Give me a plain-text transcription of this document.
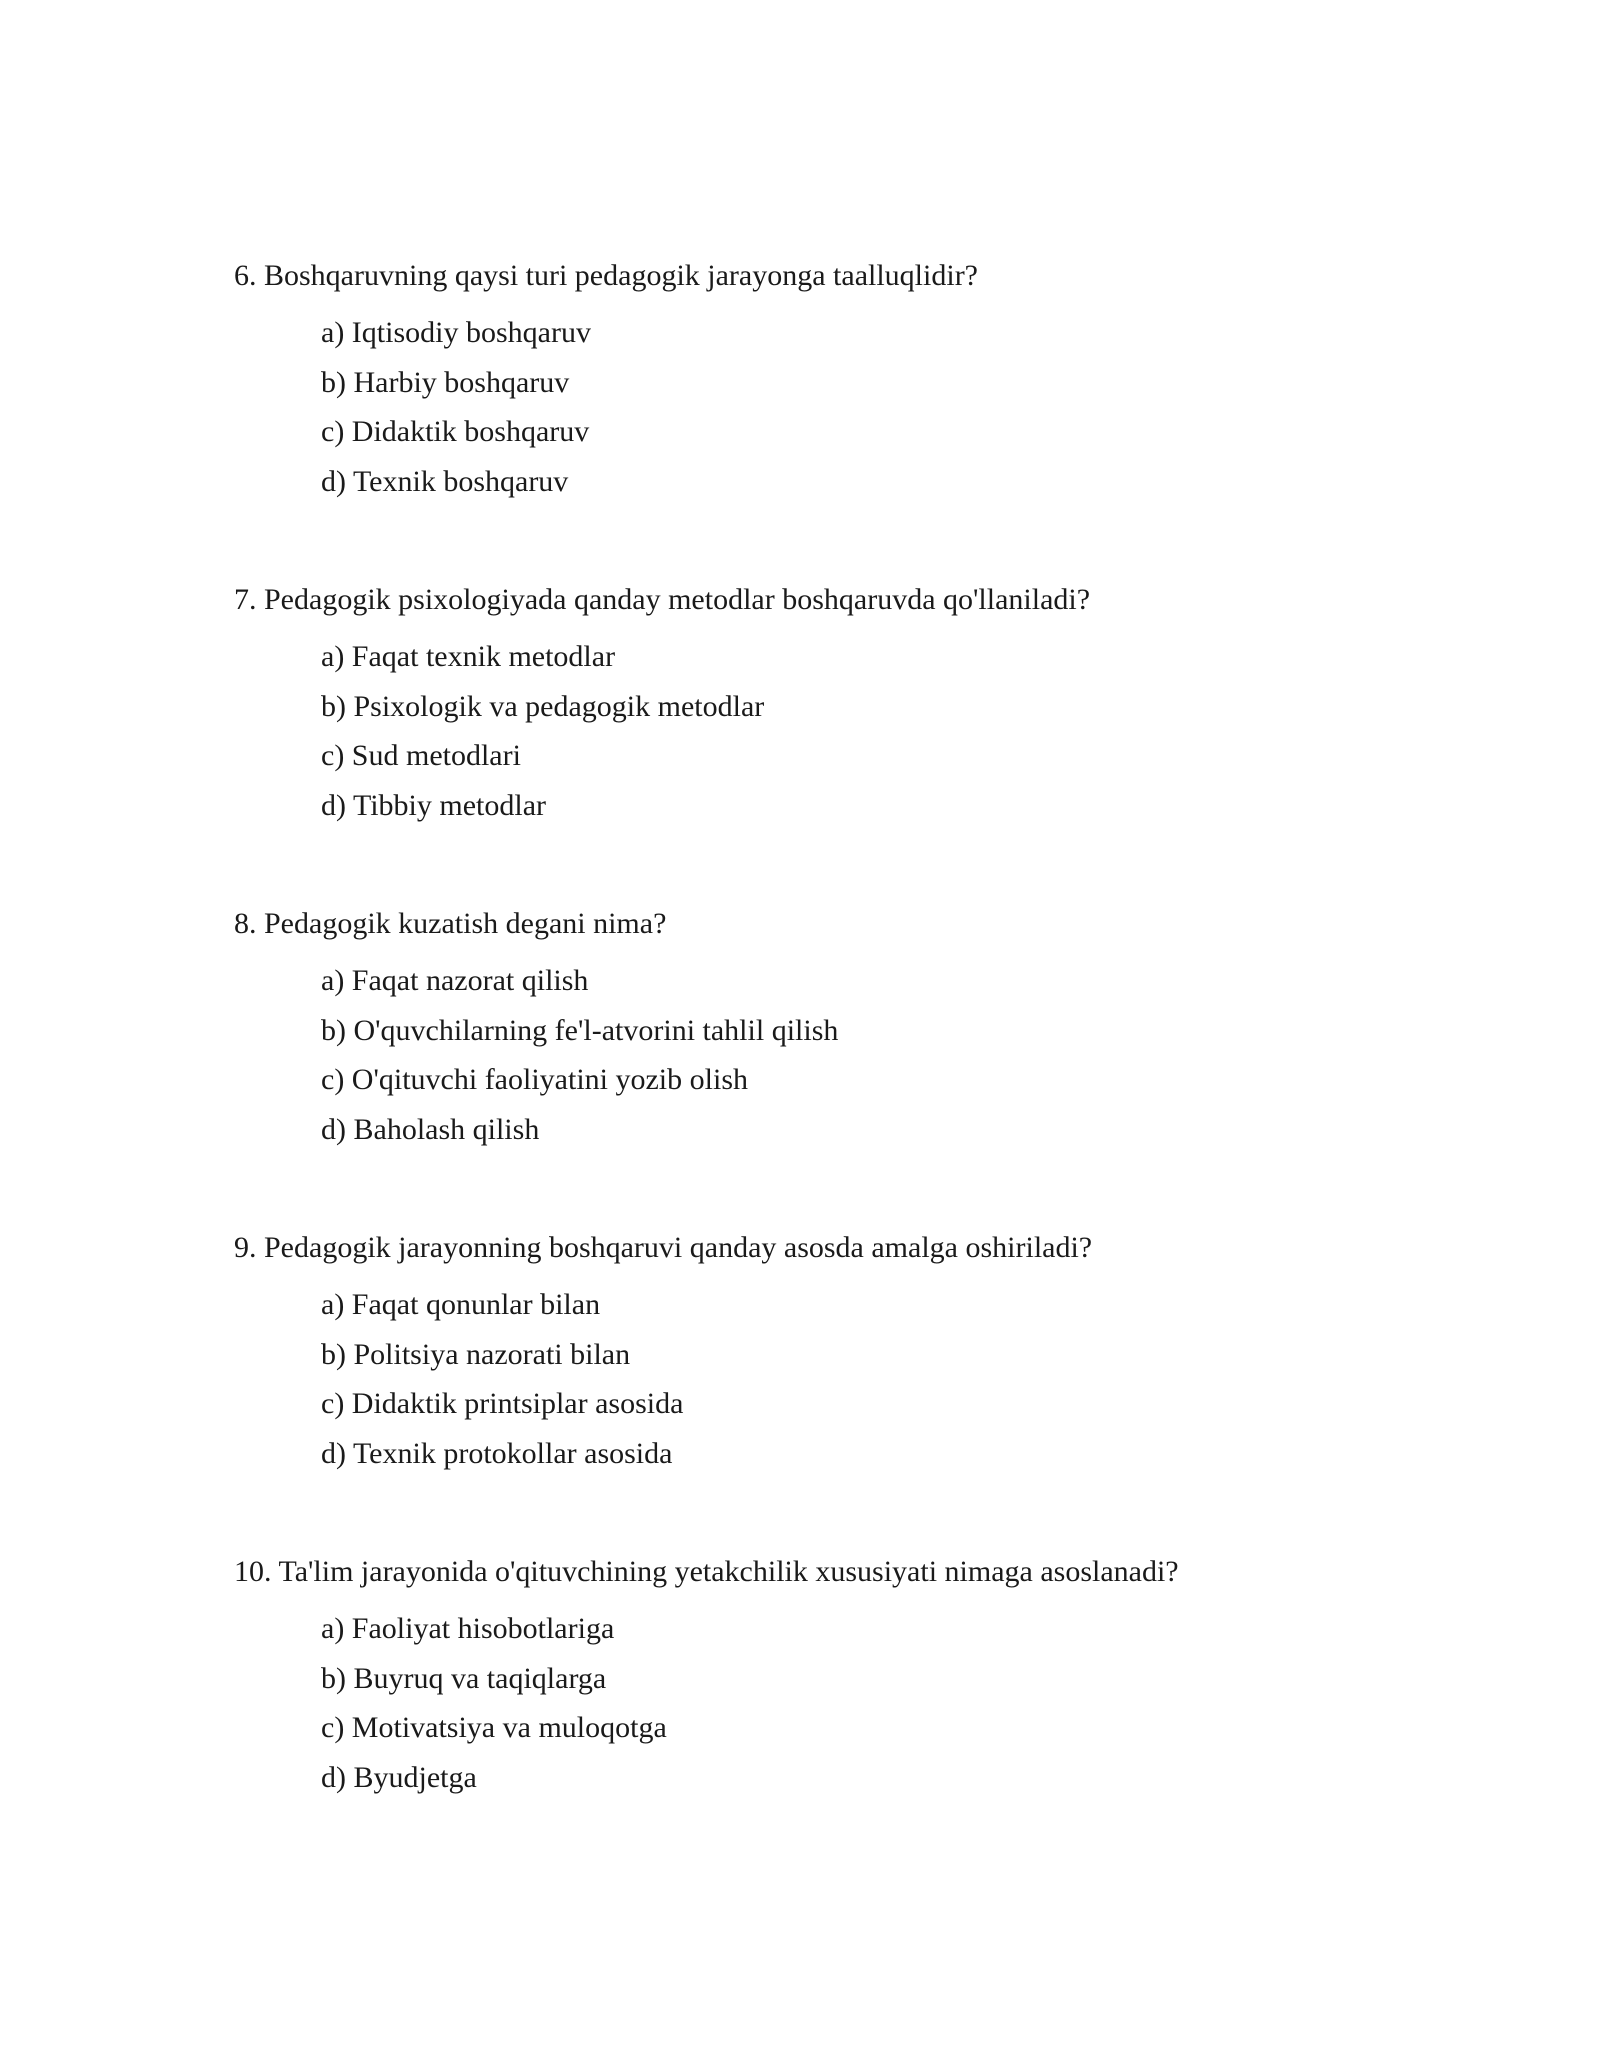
6. Boshqaruvning qaysi turi pedagogik jarayonga taalluqlidir?

a) Iqtisodiy boshqaruv
b) Harbiy boshqaruv
c) Didaktik boshqaruv
d) Texnik boshqaruv

7. Pedagogik psixologiyada qanday metodlar boshqaruvda qo'llaniladi?

a) Faqat texnik metodlar
b) Psixologik va pedagogik metodlar
c) Sud metodlari
d) Tibbiy metodlar

8. Pedagogik kuzatish degani nima?

a) Faqat nazorat qilish
b) O'quvchilarning fe'l-atvorini tahlil qilish
c) O'qituvchi faoliyatini yozib olish
d) Baholash qilish

9. Pedagogik jarayonning boshqaruvi qanday asosda amalga oshiriladi?

a) Faqat qonunlar bilan
b) Politsiya nazorati bilan
c) Didaktik printsiplar asosida
d) Texnik protokollar asosida

10. Ta'lim jarayonida o'qituvchining yetakchilik xususiyati nimaga asoslanadi?

a) Faoliyat hisobotlariga
b) Buyruq va taqiqlarga
c) Motivatsiya va muloqotga
d) Byudjetga
